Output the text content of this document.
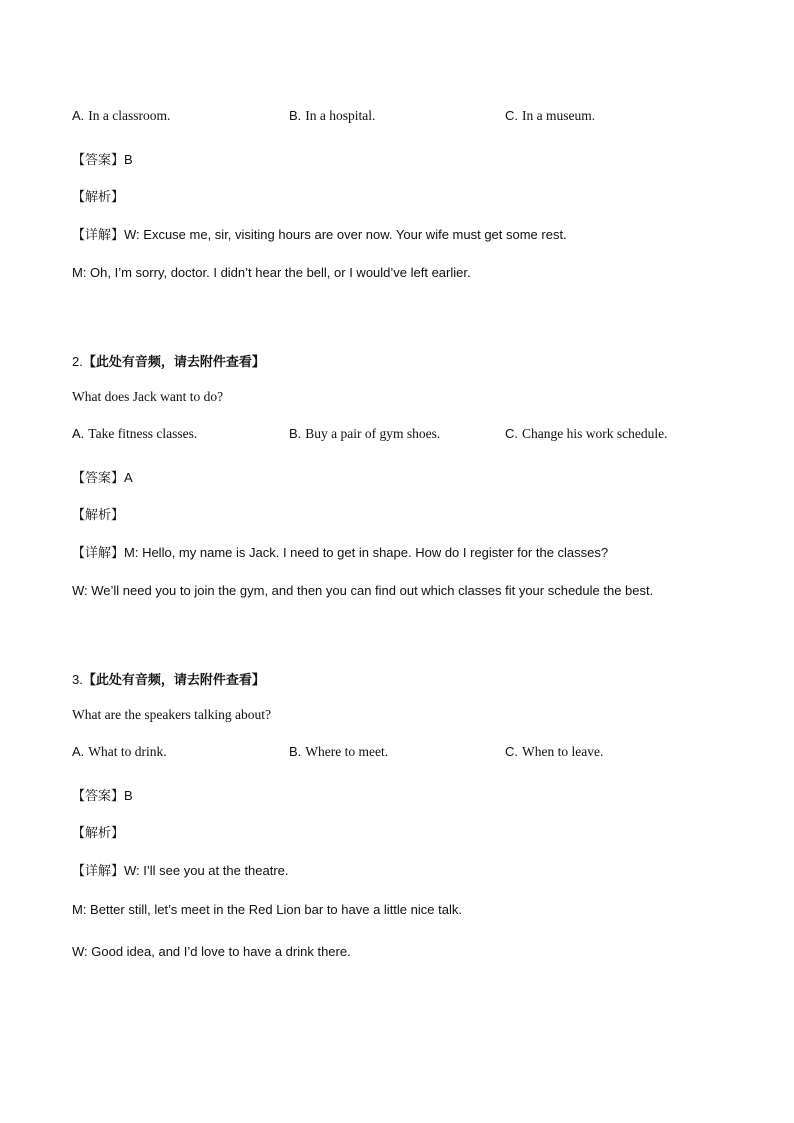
A. In a classroom.	B. In a hospital.	C. In a museum.
【答案】B
【解析】
【详解】W: Excuse me, sir, visiting hours are over now. Your wife must get some rest.
M: Oh, I’m sorry, doctor. I didn’t hear the bell, or I would’ve left earlier.
2.【此处有音频，请去附件查看】
What does Jack want to do?
A. Take fitness classes.	B. Buy a pair of gym shoes.	C. Change his work schedule.
【答案】A
【解析】
【详解】M: Hello, my name is Jack. I need to get in shape. How do I register for the classes?
W: We’ll need you to join the gym, and then you can find out which classes fit your schedule the best.
3.【此处有音频，请去附件查看】
What are the speakers talking about?
A. What to drink.	B. Where to meet.	C. When to leave.
【答案】B
【解析】
【详解】W: I’ll see you at the theatre.
M: Better still, let’s meet in the Red Lion bar to have a little nice talk.
W: Good idea, and I’d love to have a drink there.
